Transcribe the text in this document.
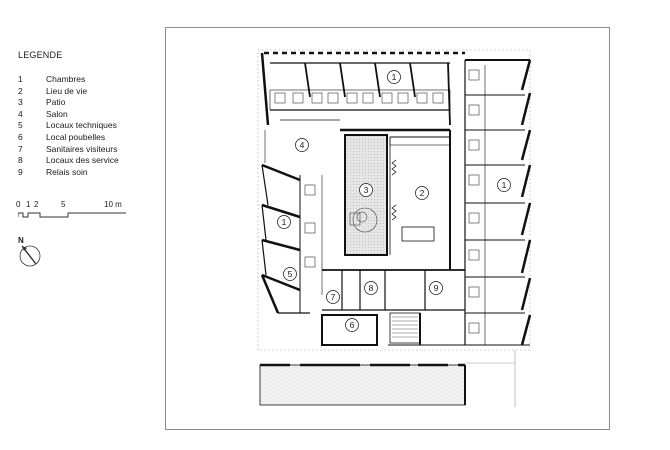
LEGENDE
1	Chambres
2	Lieu de vie
3	Patio
4	Salon
5	Locaux techniques
6	Local poubelles
7	Sanitaires visiteurs
8	Locaux des service
9	Relais soin
0 1 2	5	10 m
N
1
1
1
2
3
4
5
6
7
8	9
